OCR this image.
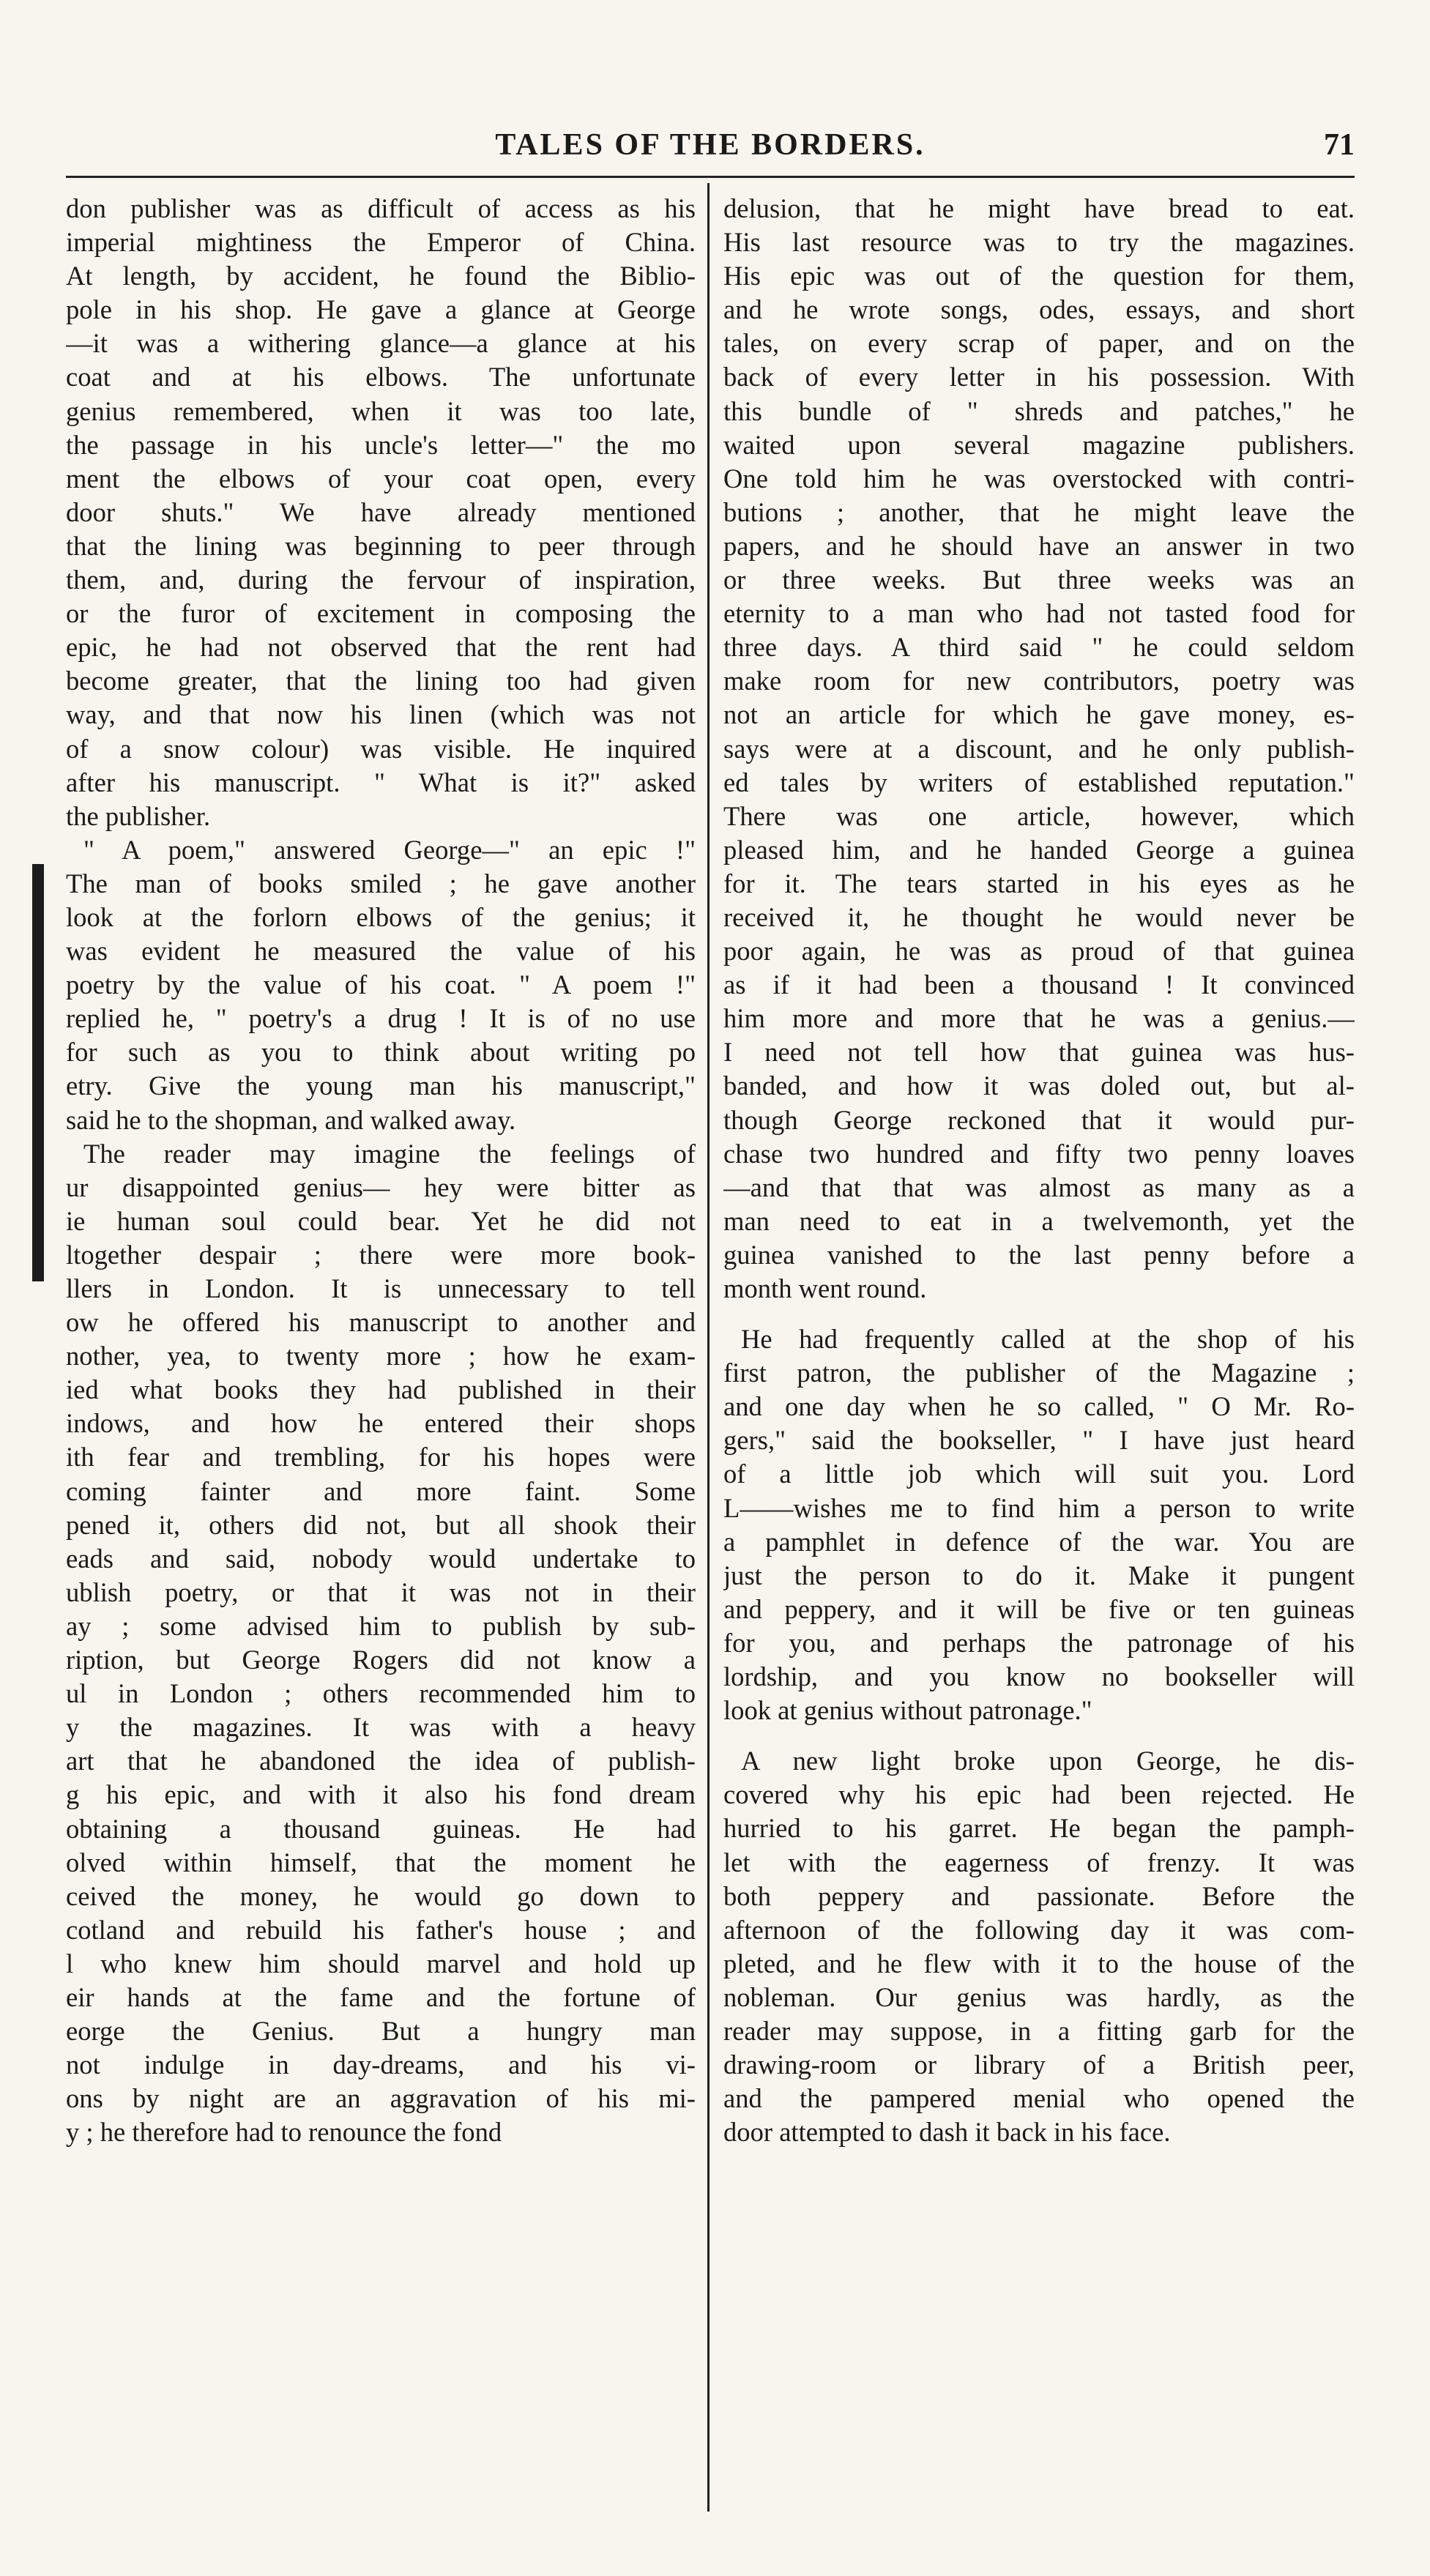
TALES OF THE BORDERS.	71
don publisher was as difficult of access as his
imperial mightiness the Emperor of China.
At length, by accident, he found the Biblio-
pole in his shop. He gave a glance at George
—it was a withering glance—a glance at his
coat and at his elbows. The unfortunate
genius remembered, when it was too late,
the passage in his uncle's letter—" the mo
ment the elbows of your coat open, every
door shuts." We have already mentioned
that the lining was beginning to peer through
them, and, during the fervour of inspiration,
or the furor of excitement in composing the
epic, he had not observed that the rent had
become greater, that the lining too had given
way, and that now his linen (which was not
of a snow colour) was visible. He inquired
after his manuscript. " What is it?" asked
the publisher.
" A poem," answered George—" an epic !"
The man of books smiled ; he gave another
look at the forlorn elbows of the genius; it
was evident he measured the value of his
poetry by the value of his coat. " A poem !"
replied he, " poetry's a drug ! It is of no use
for such as you to think about writing po
etry. Give the young man his manuscript,"
said he to the shopman, and walked away.
The reader may imagine the feelings of
ur disappointed genius— hey were bitter as
ie human soul could bear. Yet he did not
ltogether despair ; there were more book-
llers in London. It is unnecessary to tell
ow he offered his manuscript to another and
nother, yea, to twenty more ; how he exam-
ied what books they had published in their
indows, and how he entered their shops
ith fear and trembling, for his hopes were
coming fainter and more faint. Some
pened it, others did not, but all shook their
eads and said, nobody would undertake to
ublish poetry, or that it was not in their
ay ; some advised him to publish by sub-
ription, but George Rogers did not know a
ul in London ; others recommended him to
y the magazines. It was with a heavy
art that he abandoned the idea of publish-
g his epic, and with it also his fond dream
obtaining a thousand guineas. He had
olved within himself, that the moment he
ceived the money, he would go down to
cotland and rebuild his father's house ; and
l who knew him should marvel and hold up
eir hands at the fame and the fortune of
eorge the Genius. But a hungry man
not indulge in day-dreams, and his vi-
ons by night are an aggravation of his mi-
y ; he therefore had to renounce the fond
delusion, that he might have bread to eat.
His last resource was to try the magazines.
His epic was out of the question for them,
and he wrote songs, odes, essays, and short
tales, on every scrap of paper, and on the
back of every letter in his possession. With
this bundle of " shreds and patches," he
waited upon several magazine publishers.
One told him he was overstocked with contri-
butions ; another, that he might leave the
papers, and he should have an answer in two
or three weeks. But three weeks was an
eternity to a man who had not tasted food for
three days. A third said " he could seldom
make room for new contributors, poetry was
not an article for which he gave money, es-
says were at a discount, and he only publish-
ed tales by writers of established reputation."
There was one article, however, which
pleased him, and he handed George a guinea
for it. The tears started in his eyes as he
received it, he thought he would never be
poor again, he was as proud of that guinea
as if it had been a thousand ! It convinced
him more and more that he was a genius.—
I need not tell how that guinea was hus-
banded, and how it was doled out, but al-
though George reckoned that it would pur-
chase two hundred and fifty two penny loaves
—and that that was almost as many as a
man need to eat in a twelvemonth, yet the
guinea vanished to the last penny before a
month went round.
He had frequently called at the shop of his
first patron, the publisher of the Magazine ;
and one day when he so called, " O Mr. Ro-
gers," said the bookseller, " I have just heard
of a little job which will suit you. Lord
L——wishes me to find him a person to write
a pamphlet in defence of the war. You are
just the person to do it. Make it pungent
and peppery, and it will be five or ten guineas
for you, and perhaps the patronage of his
lordship, and you know no bookseller will
look at genius without patronage."
A new light broke upon George, he dis-
covered why his epic had been rejected. He
hurried to his garret. He began the pamph-
let with the eagerness of frenzy. It was
both peppery and passionate. Before the
afternoon of the following day it was com-
pleted, and he flew with it to the house of the
nobleman. Our genius was hardly, as the
reader may suppose, in a fitting garb for the
drawing-room or library of a British peer,
and the pampered menial who opened the
door attempted to dash it back in his face.
